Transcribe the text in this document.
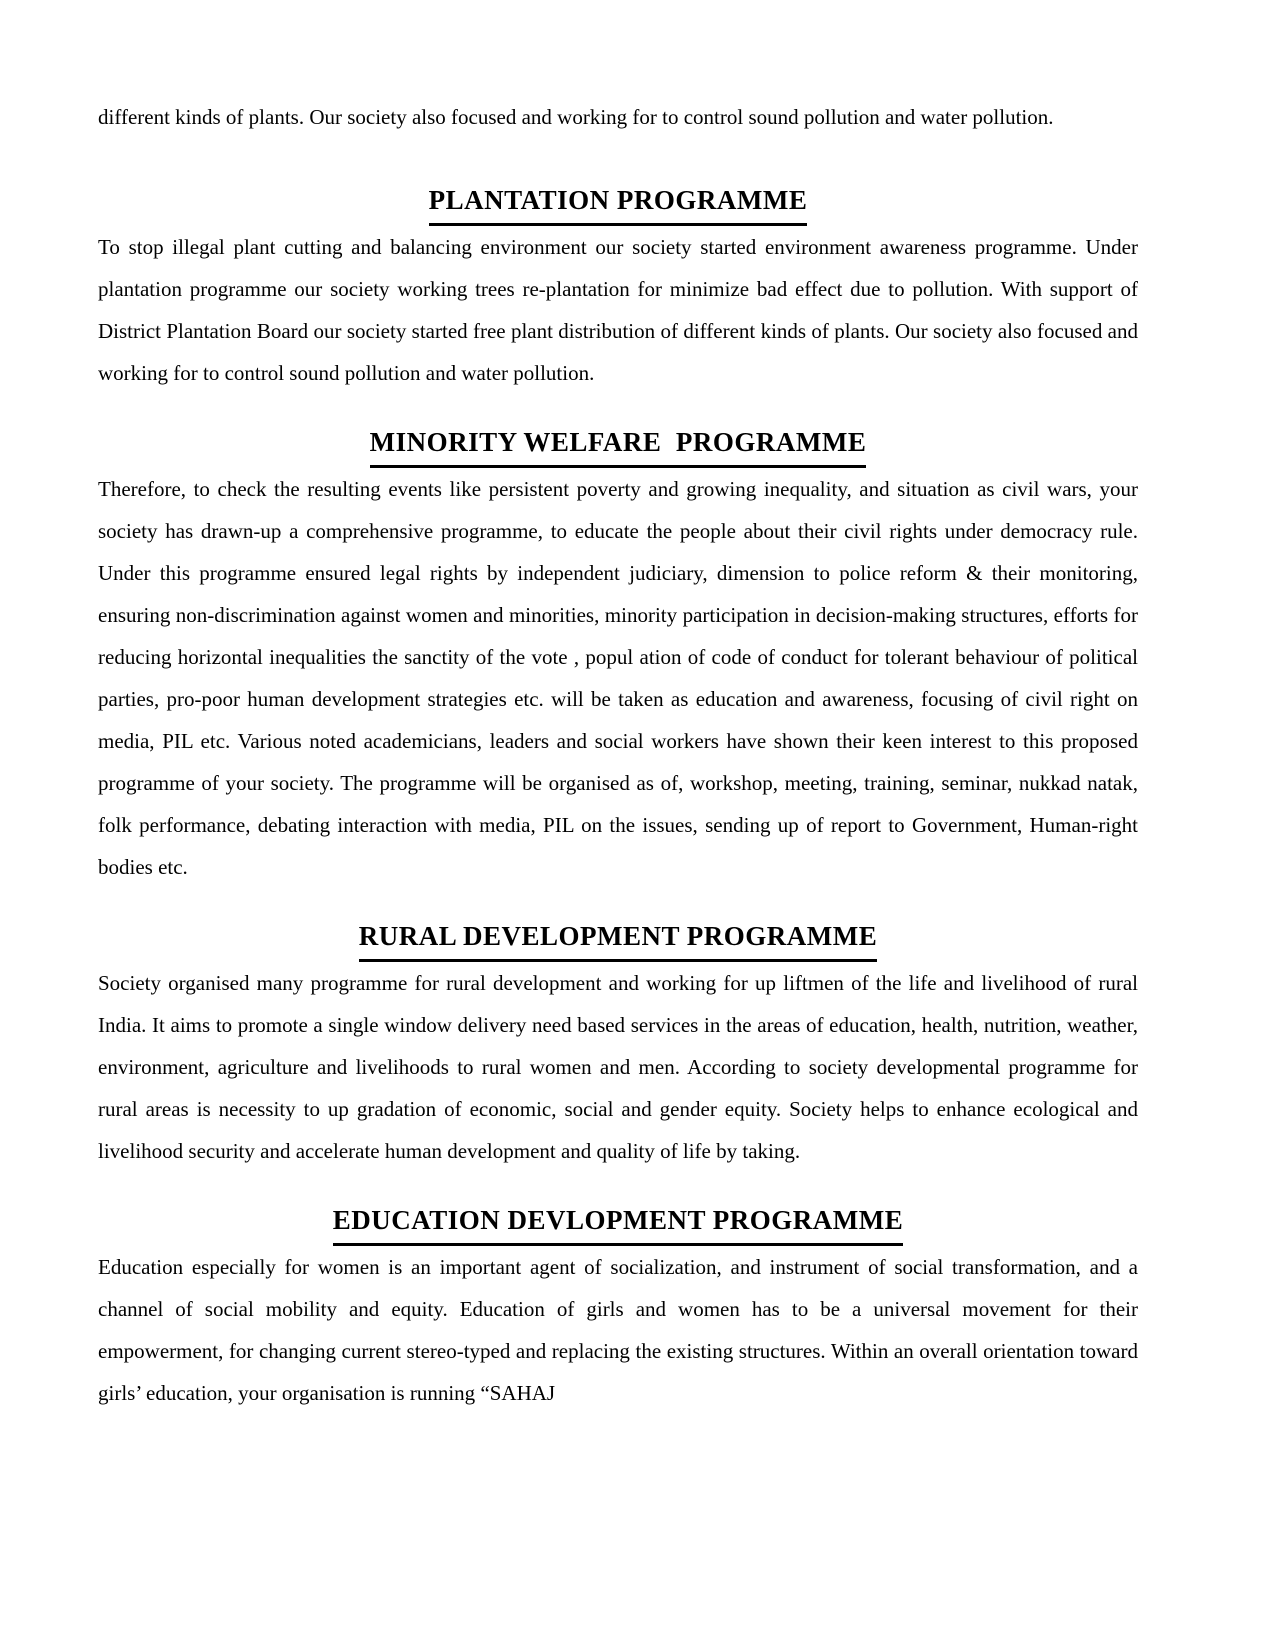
different kinds of plants. Our society also focused and working for to control sound pollution and water pollution.

PLANTATION PROGRAMME

To stop illegal plant cutting and balancing environment our society started environment awareness programme. Under plantation programme our society working trees re-plantation for minimize bad effect due to pollution. With support of District Plantation Board our society started free plant distribution of different kinds of plants. Our society also focused and working for to control sound pollution and water pollution.

MINORITY WELFARE  PROGRAMME

Therefore, to check the resulting events like persistent poverty and growing inequality, and situation as civil wars, your society has drawn-up a comprehensive programme, to educate the people about their civil rights under democracy rule. Under this programme ensured legal rights by independent judiciary, dimension to police reform & their monitoring, ensuring non-discrimination against women and minorities, minority participation in decision-making structures, efforts for reducing horizontal inequalities the sanctity of the vote , popul ation of code of conduct for tolerant behaviour of political parties, pro-poor human development strategies etc. will be taken as education and awareness, focusing of civil right on media, PIL etc. Various noted academicians, leaders and social workers have shown their keen interest to this proposed programme of your society. The programme will be organised as of, workshop, meeting, training, seminar, nukkad natak, folk performance, debating interaction with media, PIL on the issues, sending up of report to Government, Human-right bodies etc.

RURAL DEVELOPMENT PROGRAMME

Society organised many programme for rural development and working for up liftmen of the life and livelihood of rural India. It aims to promote a single window delivery need based services in the areas of education, health, nutrition, weather, environment, agriculture and livelihoods to rural women and men. According to society developmental programme for rural areas is necessity to up gradation of economic, social and gender equity. Society helps to enhance ecological and livelihood security and accelerate human development and quality of life by taking.

EDUCATION DEVLOPMENT PROGRAMME

Education especially for women is an important agent of socialization, and instrument of social transformation, and a channel of social mobility and equity. Education of girls and women has to be a universal movement for their empowerment, for changing current stereo-typed and replacing the existing structures. Within an overall orientation toward girls’ education, your organisation is running “SAHAJ
